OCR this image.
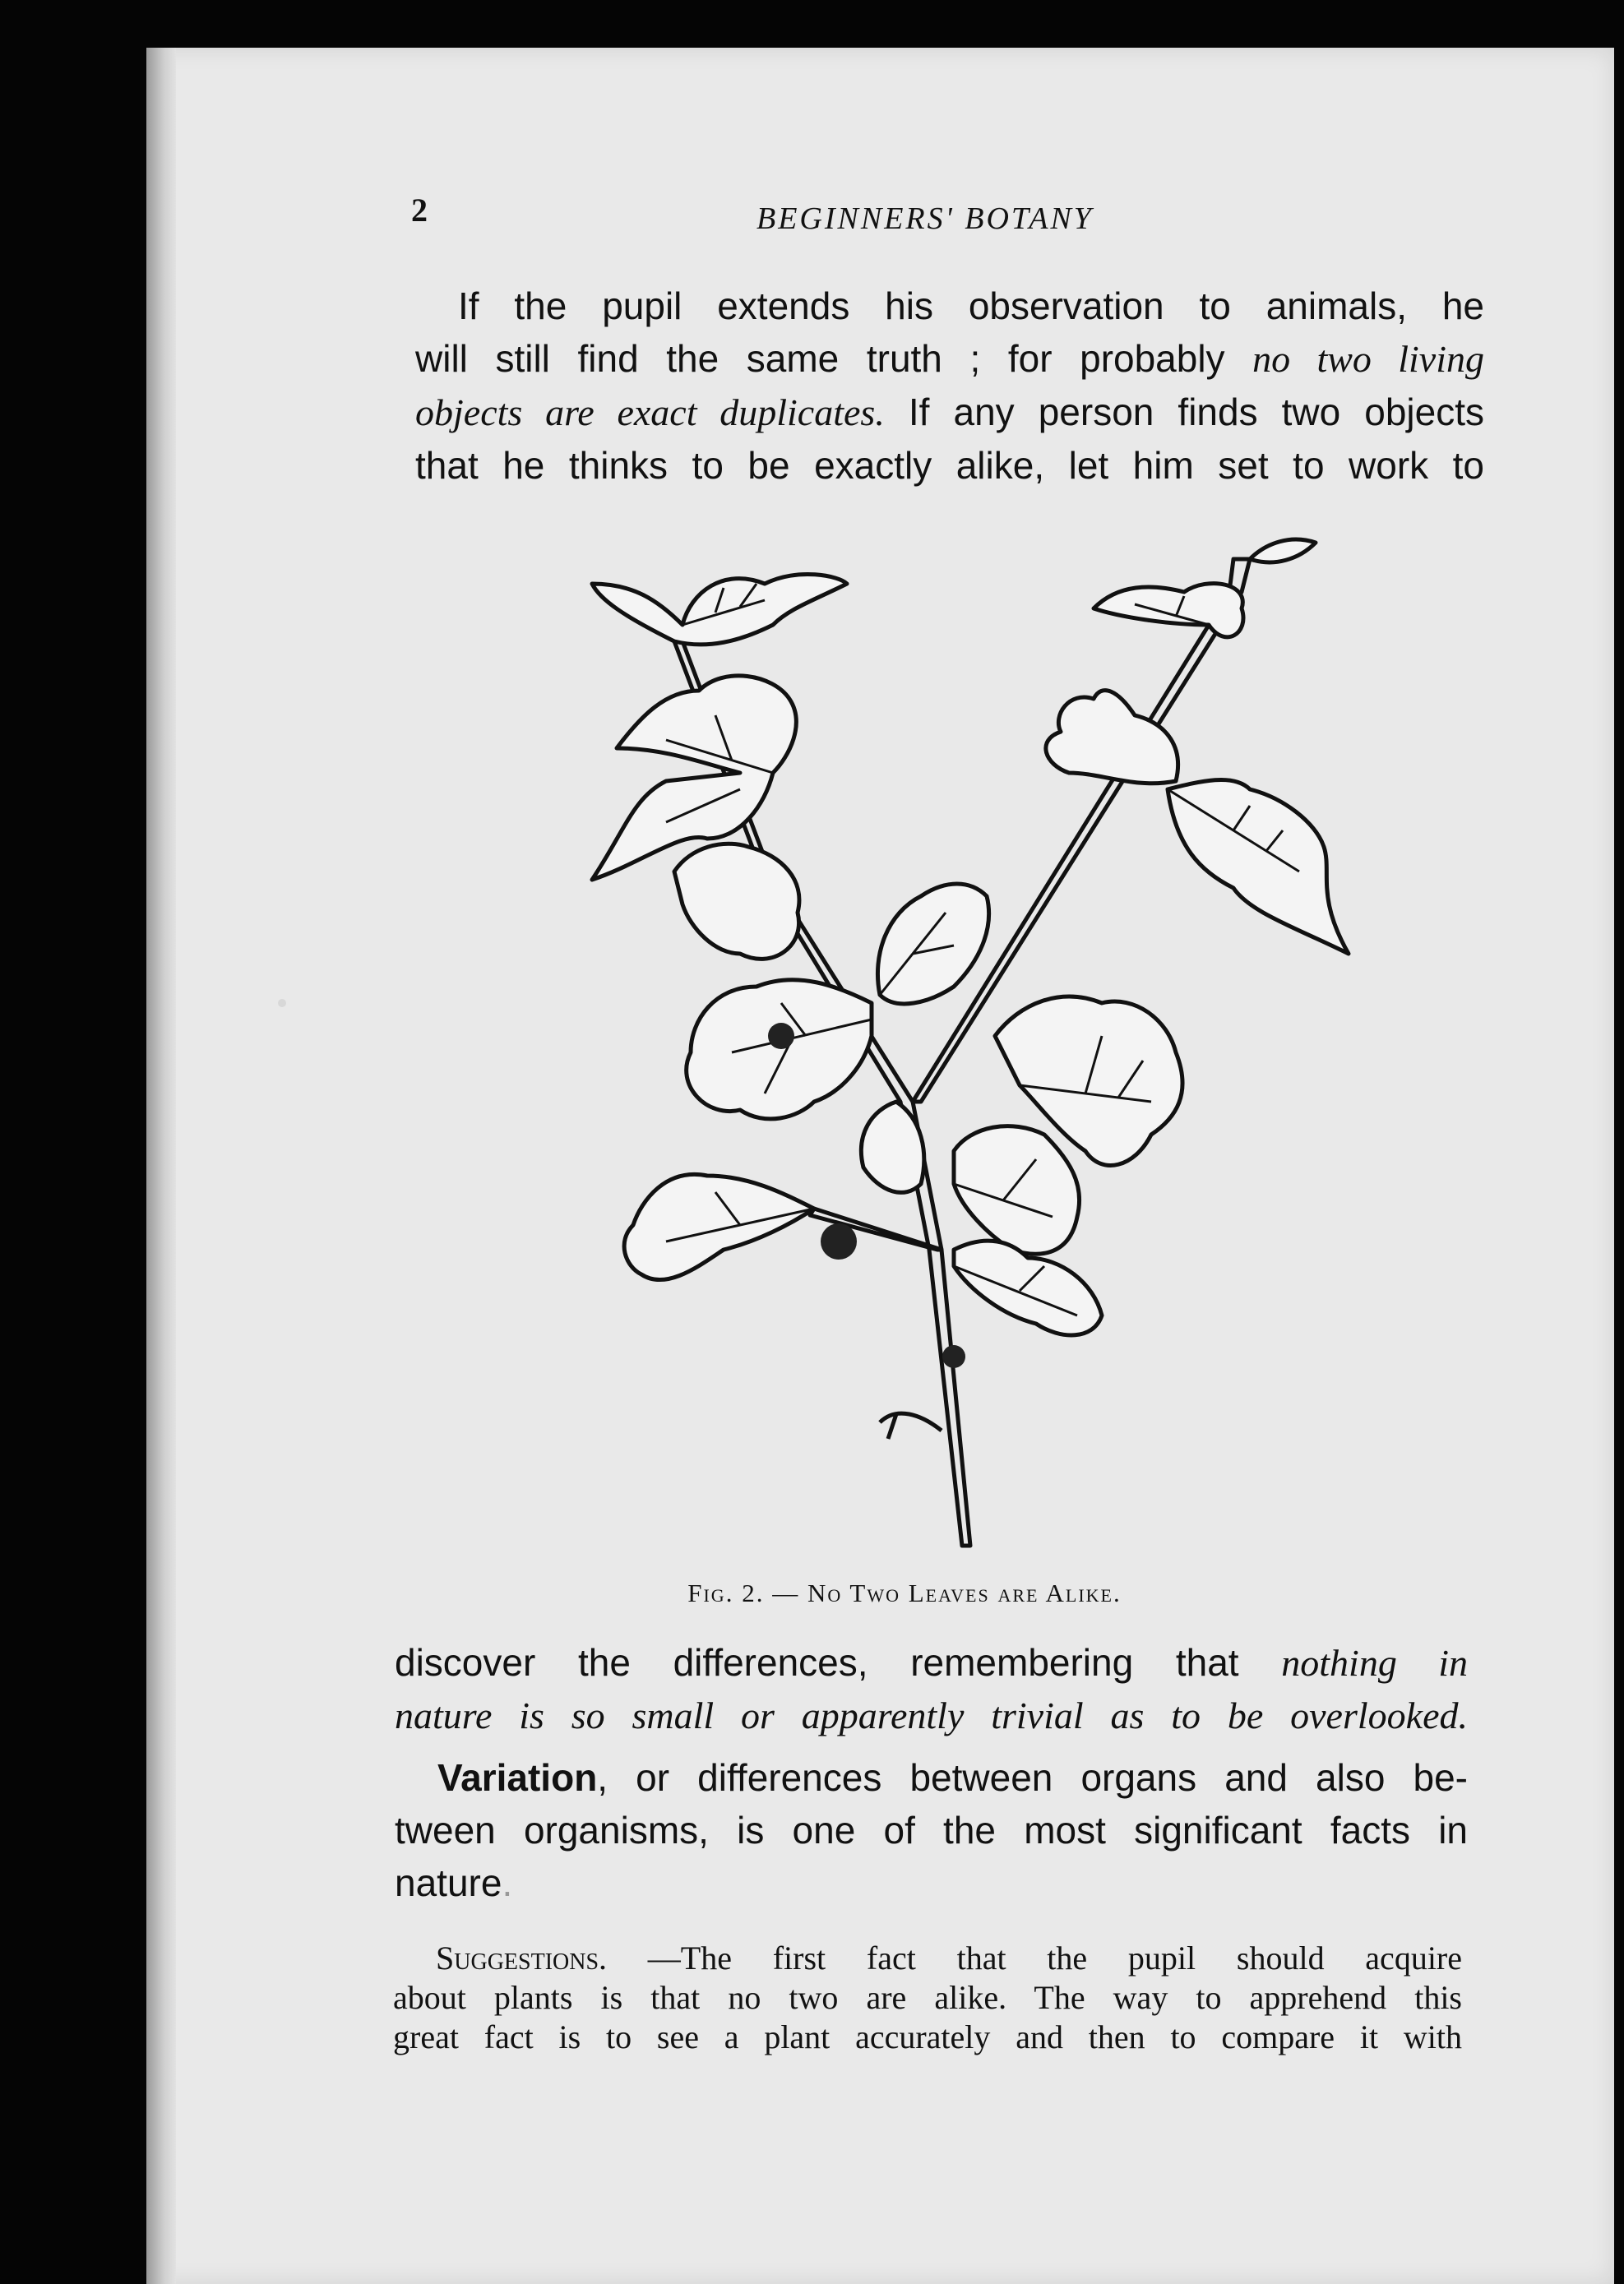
2	BEGINNERS' BOTANY
If the pupil extends his observation to animals, he
will still find the same truth ; for probably no two living
objects are exact duplicates. If any person finds two objects
that he thinks to be exactly alike, let him set to work to
Fig. 2. — No Two Leaves are Alike.
discover the differences, remembering that nothing in
nature is so small or apparently trivial as to be overlooked.
Variation, or differences between organs and also be-
tween organisms, is one of the most significant facts in
nature.
Suggestions. —The first fact that the pupil should acquire
about plants is that no two are alike. The way to apprehend this
great fact is to see a plant accurately and then to compare it with
